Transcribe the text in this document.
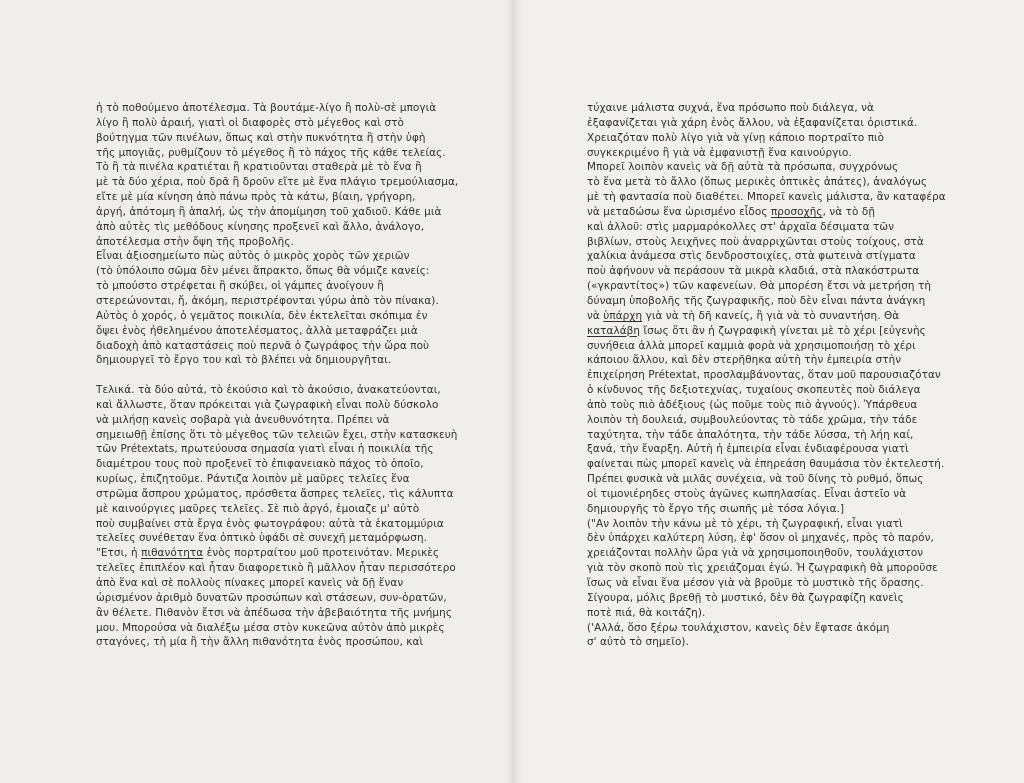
ἡ τὸ ποθούμενο ἀποτέλεσμα. Τὰ βουτάμε-λίγο ἢ πολὺ-σὲ μπογιὰ
λίγο ἢ πολὺ ἀραιή, γιατὶ οἱ διαφορὲς στὸ μέγεθος καὶ στὸ
βούτηγμα τῶν πινέλων, ὅπως καὶ στὴν πυκνότητα ἢ στὴν ὑφὴ
τῆς μπογιᾶς, ρυθμίζουν τὸ μέγεθος ἢ τὸ πάχος τῆς κάθε τελείας.
Τὸ ἢ τὰ πινέλα κρατιέται ἢ κρατιοῦνται σταθερὰ μὲ τὸ ἕνα ἢ
μὲ τὰ δύο χέρια, ποὺ δρᾶ ἢ δροῦν εἴτε μὲ ἕνα πλάγιο τρεμούλιασμα,
εἴτε μὲ μία κίνηση ἀπὸ πάνω πρὸς τὰ κάτω, βίαιη, γρήγορη,
ἀργή, ἀπότομη ἢ ἁπαλή, ὡς τὴν ἀπομίμηση τοῦ χαδιοῦ. Κάθε μιὰ
ἀπὸ αὐτὲς τὶς μεθόδους κίνησης προξενεῖ καὶ ἄλλο, ἀνάλογο,
ἀποτέλεσμα στὴν ὄψη τῆς προβολῆς.
Εἶναι ἀξιοσημείωτο πὼς αὐτὸς ὁ μικρὸς χορὸς τῶν χεριῶν
(τὸ ὑπόλοιπο σῶμα δὲν μένει ἄπρακτο, ὅπως θὰ νόμιζε κανείς:
τὸ μπούστο στρέφεται ἢ σκύβει, οἱ γάμπες ἀνοίγουν ἢ
στερεώνονται, ἤ, ἀκόμη, περιστρέφονται γύρω ἀπὸ τὸν πίνακα).
Αὐτὸς ὁ χορός, ὁ γεμᾶτος ποικιλία, δὲν ἐκτελεῖται σκόπιμα ἐν
ὄψει ἑνὸς ἠθελημένου ἀποτελέσματος, ἀλλὰ μεταφράζει μιὰ
διαδοχὴ ἀπὸ καταστάσεις ποὺ περνᾶ ὁ ζωγράφος τὴν ὥρα ποὺ
δημιουργεῖ τὸ ἔργο του καὶ τὸ βλέπει νὰ δημιουργῆται.
Τελικά. τὰ δύο αὐτά, τὸ ἑκούσιο καὶ τὸ ἀκούσιο, ἀνακατεύονται,
καὶ ἄλλωστε, ὅταν πρόκειται γιὰ ζωγραφικὴ εἶναι πολὺ δύσκολο
νὰ μιλήσῃ κανεὶς σοβαρὰ γιὰ ἀνευθυνότητα. Πρέπει νὰ
σημειωθῇ ἐπίσης ὅτι τὸ μέγεθος τῶν τελειῶν ἔχει, στὴν κατασκευὴ
τῶν Prétextats, πρωτεύουσα σημασία γιατὶ εἶναι ἡ ποικιλία τῆς
διαμέτρου τους ποὺ προξενεῖ τὸ ἐπιφανειακὸ πάχος τὸ ὁποῖο,
κυρίως, ἐπιζητοῦμε. Ράντιζα λοιπὸν μὲ μαῦρες τελεῖες ἕνα
στρῶμα ἄσπρου χρώματος, πρόσθετα ἄσπρες τελεῖες, τὶς κάλυπτα
μὲ καινούργιες μαῦρες τελεῖες. Σὲ πιὸ ἀργό, ἐμοιαζε μ' αὐτὸ
ποὺ συμβαίνει στὰ ἔργα ἑνὸς φωτογράφου: αὐτὰ τὰ ἑκατομμύρια
τελεῖες συνέθεταν ἕνα ὀπτικὸ ὑφάδι σὲ συνεχῆ μεταμόρφωση.
"Ετσι, ἡ πιθανότητα ἑνὸς πορτραίτου μοῦ προτεινόταν. Μερικὲς
τελεῖες ἐπιπλέον καὶ ἦταν διαφορετικὸ ἢ μᾶλλον ἦταν περισσότερο
ἀπὸ ἕνα καὶ σὲ πολλοὺς πίνακες μπορεῖ κανεὶς νὰ δῇ ἕναν
ὡρισμένον ἀριθμὸ δυνατῶν προσώπων καὶ στάσεων, συν-ὁρατῶν,
ἂν θέλετε. Πιθανὸν ἔτσι νὰ ἀπέδωσα τὴν ἀβεβαιότητα τῆς μνήμης
μου. Μπορούσα νὰ διαλέξω μέσα στὸν κυκεῶνα αὐτὸν ἀπὸ μικρὲς
σταγόνες, τὴ μία ἢ τὴν ἄλλη πιθανότητα ἑνὸς προσώπου, καὶ
τύχαινε μάλιστα συχνά, ἕνα πρόσωπο ποὺ διάλεγα, νὰ
ἐξαφανίζεται γιὰ χάρη ἑνὸς ἄλλου, νὰ ἐξαφανίζεται ὁριστικά.
Χρειαζόταν πολὺ λίγο γιὰ νὰ γίνῃ κάποιο πορτραῖτο πιὸ
συγκεκριμένο ἢ γιὰ νὰ ἐμφανιστῇ ἕνα καινούργιο.
Μπορεῖ λοιπὸν κανεὶς νὰ δῇ αὐτὰ τὰ πρόσωπα, συγχρόνως
τὸ ἕνα μετὰ τὸ ἄλλο (ὅπως μερικὲς ὀπτικὲς ἀπάτες), ἀναλόγως
μὲ τὴ φαντασία ποὺ διαθέτει. Μπορεῖ κανεὶς μάλιστα, ἂν καταφέρα
νὰ μεταδώσω ἕνα ὡρισμένο εἶδος προσοχῆς, νὰ τὸ δῇ
καὶ ἀλλοῦ: στὶς μαρμαρόκολλες στ' ἀρχαῖα δέσιματα τῶν
βιβλίων, στοὺς λειχῆνες ποὺ ἀναρριχῶνται στοὺς τοίχους, στὰ
χαλίκια ἀνάμεσα στὶς δενδροστοιχίες, στὰ φωτεινὰ στίγματα
ποὺ ἀφήνουν νὰ περάσουν τὰ μικρὰ κλαδιά, στὰ πλακόστρωτα
(«γκραντίτος») τῶν καφενείων. Θὰ μπορέση ἔτσι νὰ μετρήση τὴ
δύναμη ὑποβολῆς τῆς ζωγραφικῆς, ποὺ δὲν εἶναι πάντα ἀνάγκη
νὰ ὑπάρχη γιὰ νὰ τὴ δῆ κανείς, ἢ γιὰ νὰ τὸ συναντήση. Θὰ
καταλάβη ἴσως ὅτι ἂν ἡ ζωγραφικὴ γίνεται μὲ τὸ χέρι [εὐγενὴς
συνήθεια ἀλλὰ μπορεῖ καμμιὰ φορὰ νὰ χρησιμοποιήσῃ τὸ χέρι
κάποιου ἄλλου, καὶ δὲν στερῆθηκα αὐτὴ τὴν ἐμπειρία στὴν
ἐπιχείρηση Prétextat, προσλαμβάνοντας, ὅταν μοῦ παρουσιαζόταν
ὁ κίνδυνος τῆς δεξιοτεχνίας, τυχαίους σκοπευτὲς ποὺ διάλεγα
ἀπὸ τοὺς πιὸ ἀδέξιους (ὡς ποῦμε τοὺς πιὸ ἀγνούς). Ὑπάρθευα
λοιπὸν τὴ δουλειά, συμβουλεύοντας τὸ τάδε χρῶμα, τὴν τάδε
ταχύτητα, τὴν τάδε ἀπαλότητα, τὴν τάδε λύσσα, τὴ λήη καί,
ξανά, τὴν ἔναρξη. Αὐτὴ ἡ ἐμπειρία εἶναι ἐνδιαφέρουσα γιατὶ
φαίνεται πὼς μπορεῖ κανεὶς νὰ ἐπηρεάση θαυμάσια τὸν ἐκτελεστή.
Πρέπει φυσικὰ νὰ μιλᾶς συνέχεια, νὰ τοῦ δίνης τὸ ρυθμό, ὅπως
οἱ τιμονιέρηδες στοὺς ἀγῶνες κωπηλασίας. Εἶναι ἀστεῖο νὰ
δημιουργῆς τὸ ἔργο τῆς σιωπῆς μὲ τόσα λόγια.]
("Αν λοιπὸν τὴν κάνω μὲ τὸ χέρι, τὴ ζωγραφική, εἶναι γιατὶ
δὲν ὑπάρχει καλύτερη λύση, ἐφ' ὅσον οἱ μηχανές, πρὸς τὸ παρόν,
χρειάζονται πολλὴν ὥρα γιὰ νὰ χρησιμοποιηθοῦν, τουλάχιστον
γιὰ τὸν σκοπὸ ποὺ τὶς χρειάζομαι ἐγώ. Ἡ ζωγραφικὴ θὰ μποροῦσε
ἴσως νὰ εἶναι ἕνα μέσον γιὰ νὰ βροῦμε τὸ μυστικὸ τῆς ὅρασης.
Σίγουρα, μόλις βρεθῇ τὸ μυστικό, δὲν θὰ ζωγραφίζη κανεὶς
ποτὲ πιά, θὰ κοιτάζη).
('Αλλά, ὅσο ξέρω τουλάχιστον, κανεὶς δὲν ἔφτασε ἀκόμη
σ' αὐτὸ τὸ σημεῖο).
